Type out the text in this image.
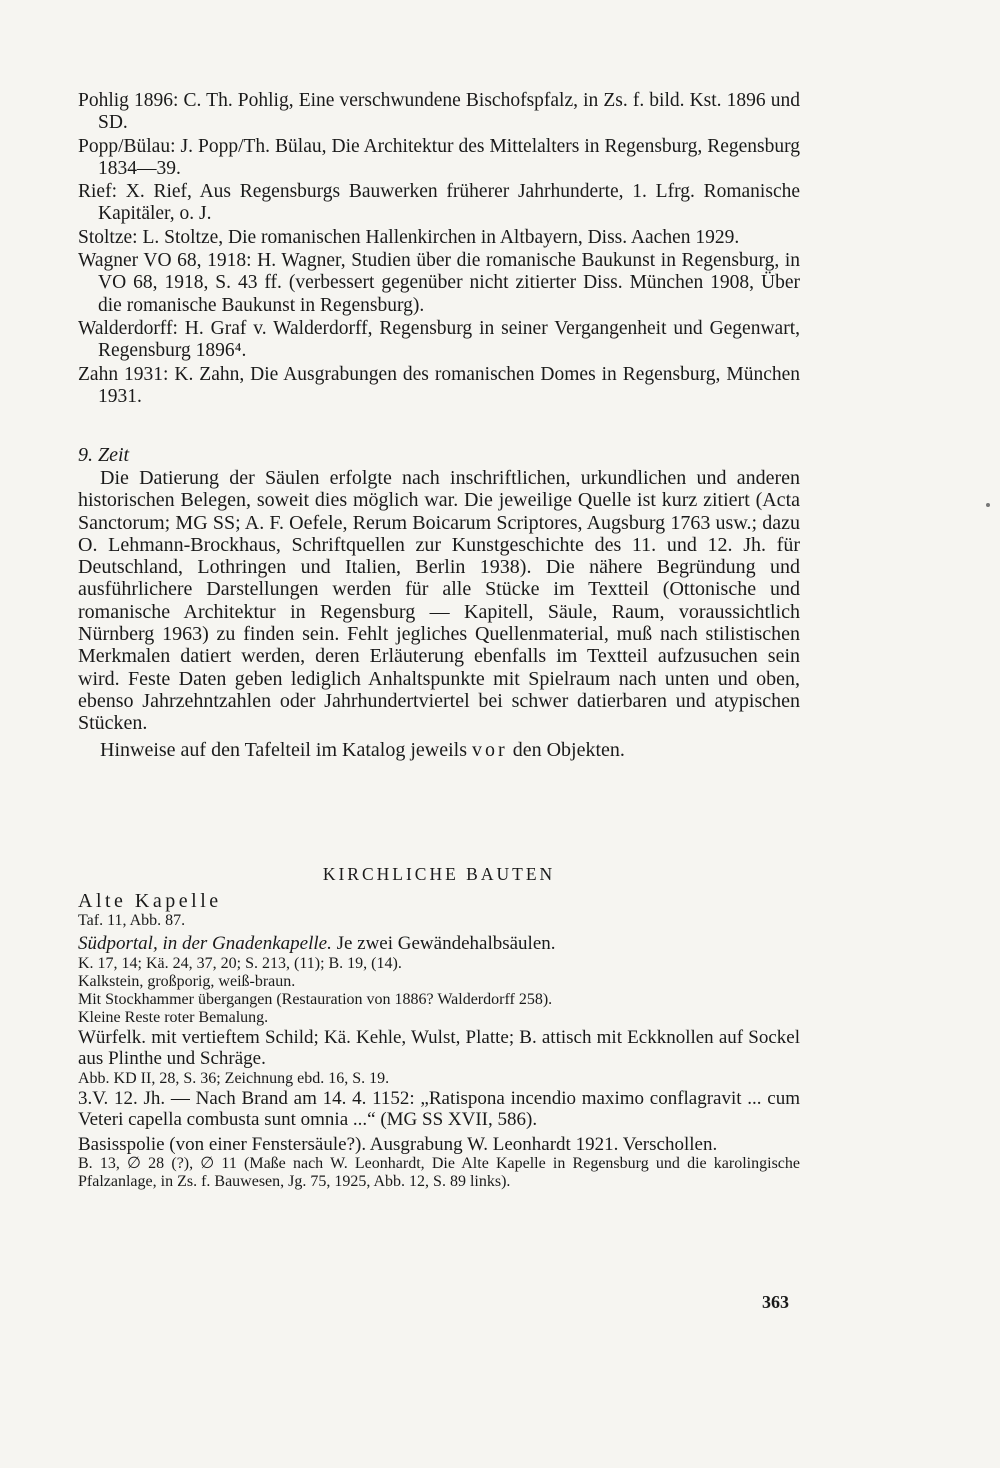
Pohlig 1896: C. Th. Pohlig, Eine verschwundene Bischofspfalz, in Zs. f. bild. Kst. 1896 und SD.

Popp/Bülau: J. Popp/Th. Bülau, Die Architektur des Mittelalters in Regensburg, Regensburg 1834—39.

Rief: X. Rief, Aus Regensburgs Bauwerken früherer Jahrhunderte, 1. Lfrg. Romanische Kapitäler, o. J.

Stoltze: L. Stoltze, Die romanischen Hallenkirchen in Altbayern, Diss. Aachen 1929.

Wagner VO 68, 1918: H. Wagner, Studien über die romanische Baukunst in Regensburg, in VO 68, 1918, S. 43 ff. (verbessert gegenüber nicht zitierter Diss. München 1908, Über die romanische Baukunst in Regensburg).

Walderdorff: H. Graf v. Walderdorff, Regensburg in seiner Vergangenheit und Gegenwart, Regensburg 1896⁴.

Zahn 1931: K. Zahn, Die Ausgrabungen des romanischen Domes in Regensburg, München 1931.

9. Zeit

Die Datierung der Säulen erfolgte nach inschriftlichen, urkundlichen und anderen historischen Belegen, soweit dies möglich war. Die jeweilige Quelle ist kurz zitiert (Acta Sanctorum; MG SS; A. F. Oefele, Rerum Boicarum Scriptores, Augsburg 1763 usw.; dazu O. Lehmann-Brockhaus, Schriftquellen zur Kunstgeschichte des 11. und 12. Jh. für Deutschland, Lothringen und Italien, Berlin 1938). Die nähere Begründung und ausführlichere Darstellungen werden für alle Stücke im Textteil (Ottonische und romanische Architektur in Regensburg — Kapitell, Säule, Raum, voraussichtlich Nürnberg 1963) zu finden sein. Fehlt jegliches Quellenmaterial, muß nach stilistischen Merkmalen datiert werden, deren Erläuterung ebenfalls im Textteil aufzusuchen sein wird. Feste Daten geben lediglich Anhaltspunkte mit Spielraum nach unten und oben, ebenso Jahrzehntzahlen oder Jahrhundertviertel bei schwer datierbaren und atypischen Stücken.

Hinweise auf den Tafelteil im Katalog jeweils vor den Objekten.

KIRCHLICHE BAUTEN
Alte Kapelle
Taf. 11, Abb. 87.
Südportal, in der Gnadenkapelle. Je zwei Gewändehalbsäulen.
K. 17, 14; Kä. 24, 37, 20; S. 213, (11); B. 19, (14).
Kalkstein, großporig, weiß-braun.
Mit Stockhammer übergangen (Restauration von 1886? Walderdorff 258).
Kleine Reste roter Bemalung.
Würfelk. mit vertieftem Schild; Kä. Kehle, Wulst, Platte; B. attisch mit Eckknollen auf Sockel aus Plinthe und Schräge.
Abb. KD II, 28, S. 36; Zeichnung ebd. 16, S. 19.
3.V. 12. Jh. — Nach Brand am 14. 4. 1152: „Ratispona incendio maximo conflagravit ... cum Veteri capella combusta sunt omnia ...“ (MG SS XVII, 586).
Basisspolie (von einer Fenstersäule?). Ausgrabung W. Leonhardt 1921. Verschollen.
B. 13, ∅ 28 (?), ∅ 11 (Maße nach W. Leonhardt, Die Alte Kapelle in Regensburg und die karolingische Pfalzanlage, in Zs. f. Bauwesen, Jg. 75, 1925, Abb. 12, S. 89 links).
363
